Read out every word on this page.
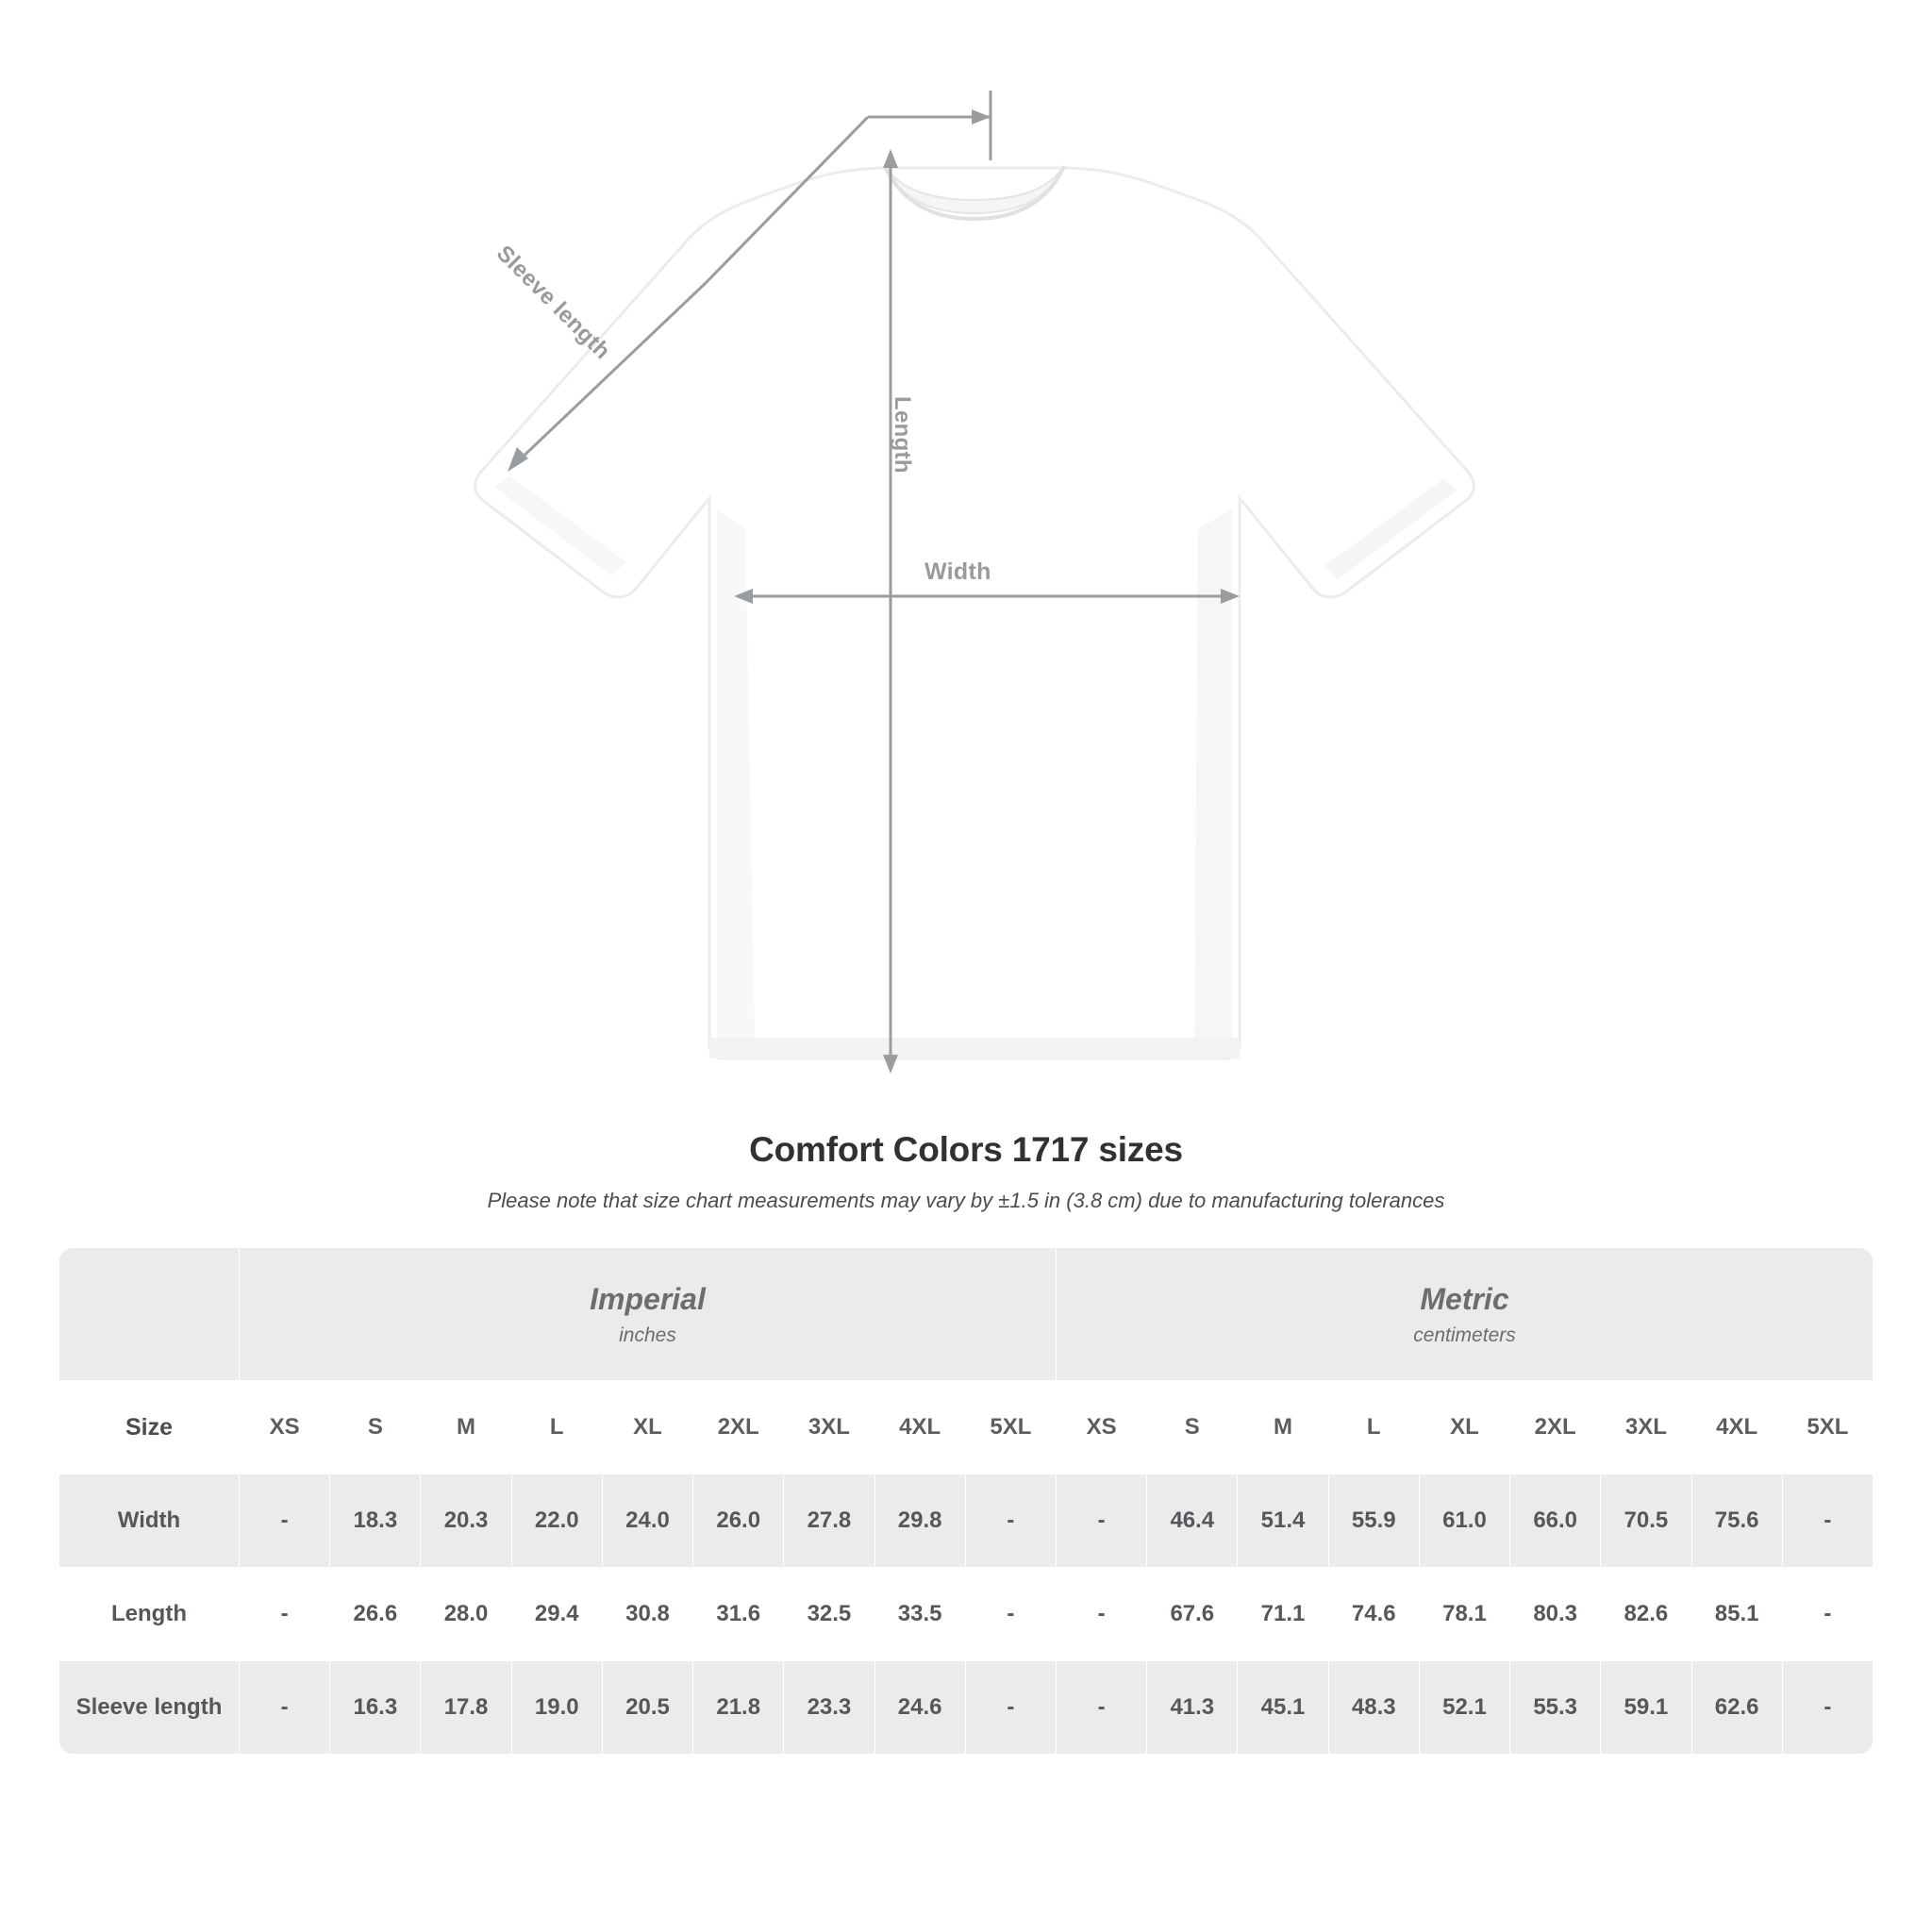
Width
Length
Sleeve length
Comfort Colors 1717 sizes
Please note that size chart measurements may vary by ±1.5 in (3.8 cm) due to manufacturing tolerances

Imperial
inches

Metric
centimeters

Size	XS	S	M	L	XL	2XL	3XL	4XL	5XL	XS	S	M	L	XL	2XL	3XL	4XL	5XL
Width	-	18.3	20.3	22.0	24.0	26.0	27.8	29.8	-	-	46.4	51.4	55.9	61.0	66.0	70.5	75.6	-
Length	-	26.6	28.0	29.4	30.8	31.6	32.5	33.5	-	-	67.6	71.1	74.6	78.1	80.3	82.6	85.1	-
Sleeve length	-	16.3	17.8	19.0	20.5	21.8	23.3	24.6	-	-	41.3	45.1	48.3	52.1	55.3	59.1	62.6	-
